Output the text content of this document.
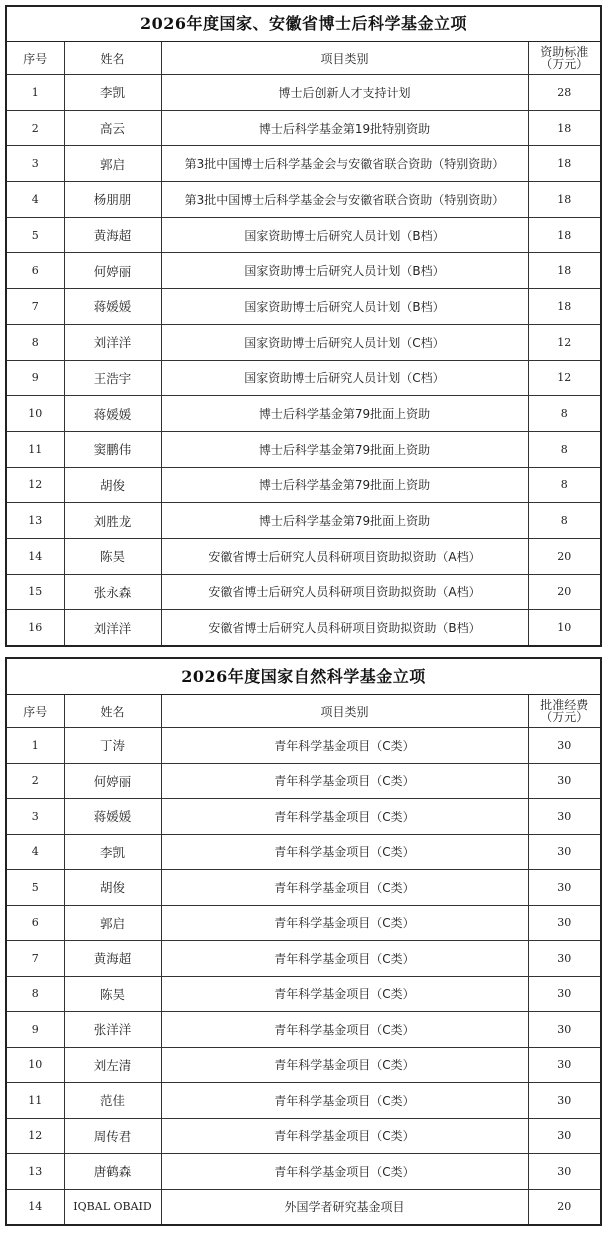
2026年度国家、安徽省博士后科学基金立项
序号	姓名	项目类别	资助标准
（万元）

1	李凯	博士后创新人才支持计划	28
2	高云	博士后科学基金第19批特别资助	18
3	郭启	第3批中国博士后科学基金会与安徽省联合资助（特别资助）	18
4	杨朋朋	第3批中国博士后科学基金会与安徽省联合资助（特别资助）	18
5	黄海超	国家资助博士后研究人员计划（B档）	18
6	何婷丽	国家资助博士后研究人员计划（B档）	18
7	蒋媛媛	国家资助博士后研究人员计划（B档）	18
8	刘洋洋	国家资助博士后研究人员计划（C档）	12
9	王浩宇	国家资助博士后研究人员计划（C档）	12
10	蒋媛媛	博士后科学基金第79批面上资助	8
11	窦鹏伟	博士后科学基金第79批面上资助	8
12	胡俊	博士后科学基金第79批面上资助	8
13	刘胜龙	博士后科学基金第79批面上资助	8
14	陈昊	安徽省博士后研究人员科研项目资助拟资助（A档）	20
15	张永森	安徽省博士后研究人员科研项目资助拟资助（A档）	20
16	刘洋洋	安徽省博士后研究人员科研项目资助拟资助（B档）	10
2026年度国家自然科学基金立项
序号	姓名	项目类别	批准经费
（万元）

1	丁涛	青年科学基金项目（C类）	30
2	何婷丽	青年科学基金项目（C类）	30
3	蒋媛媛	青年科学基金项目（C类）	30
4	李凯	青年科学基金项目（C类）	30
5	胡俊	青年科学基金项目（C类）	30
6	郭启	青年科学基金项目（C类）	30
7	黄海超	青年科学基金项目（C类）	30
8	陈昊	青年科学基金项目（C类）	30
9	张洋洋	青年科学基金项目（C类）	30
10	刘左清	青年科学基金项目（C类）	30
11	范佳	青年科学基金项目（C类）	30
12	周传君	青年科学基金项目（C类）	30
13	唐鹤森	青年科学基金项目（C类）	30
14	IQBAL OBAID	外国学者研究基金项目	20
